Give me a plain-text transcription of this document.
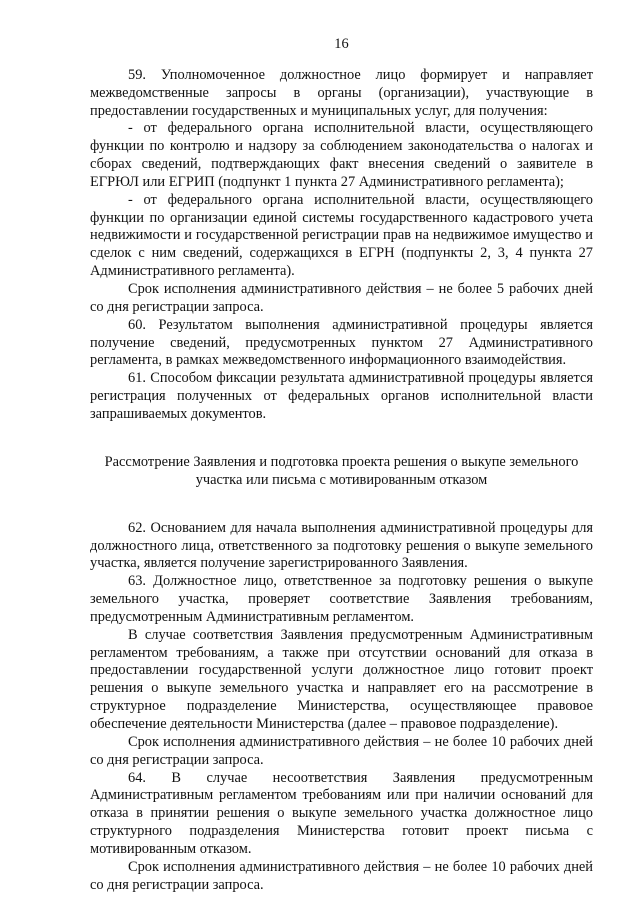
16

59. Уполномоченное должностное лицо формирует и направляет межведомственные запросы в органы (организации), участвующие в предоставлении государственных и муниципальных услуг, для получения:

- от федерального органа исполнительной власти, осуществляющего функции по контролю и надзору за соблюдением законодательства о налогах и сборах сведений, подтверждающих факт внесения сведений о заявителе в ЕГРЮЛ или ЕГРИП (подпункт 1 пункта 27 Административного регламента);

- от федерального органа исполнительной власти, осуществляющего функции по организации единой системы государственного кадастрового учета недвижимости и государственной регистрации прав на недвижимое имущество и сделок с ним сведений, содержащихся в ЕГРН (подпункты 2, 3, 4 пункта 27 Административного регламента).

Срок исполнения административного действия – не более 5 рабочих дней со дня регистрации запроса.

60. Результатом выполнения административной процедуры является получение сведений, предусмотренных пунктом 27 Административного регламента, в рамках межведомственного информационного взаимодействия.

61. Способом фиксации результата административной процедуры является регистрация полученных от федеральных органов исполнительной власти запрашиваемых документов.

Рассмотрение Заявления и подготовка проекта решения о выкупе земельного
участка или письма с мотивированным отказом

62. Основанием для начала выполнения административной процедуры для должностного лица, ответственного за подготовку решения о выкупе земельного участка, является получение зарегистрированного Заявления.

63. Должностное лицо, ответственное за подготовку решения о выкупе земельного участка, проверяет соответствие Заявления требованиям, предусмотренным Административным регламентом.

В случае соответствия Заявления предусмотренным Административным регламентом требованиям, а также при отсутствии оснований для отказа в предоставлении государственной услуги должностное лицо готовит проект решения о выкупе земельного участка и направляет его на рассмотрение в структурное подразделение Министерства, осуществляющее правовое обеспечение деятельности Министерства (далее – правовое подразделение).

Срок исполнения административного действия – не более 10 рабочих дней со дня регистрации запроса.

64. В случае несоответствия Заявления предусмотренным Административным регламентом требованиям или при наличии оснований для отказа в принятии решения о выкупе земельного участка должностное лицо структурного подразделения Министерства готовит проект письма с мотивированным отказом.

Срок исполнения административного действия – не более 10 рабочих дней со дня регистрации запроса.
